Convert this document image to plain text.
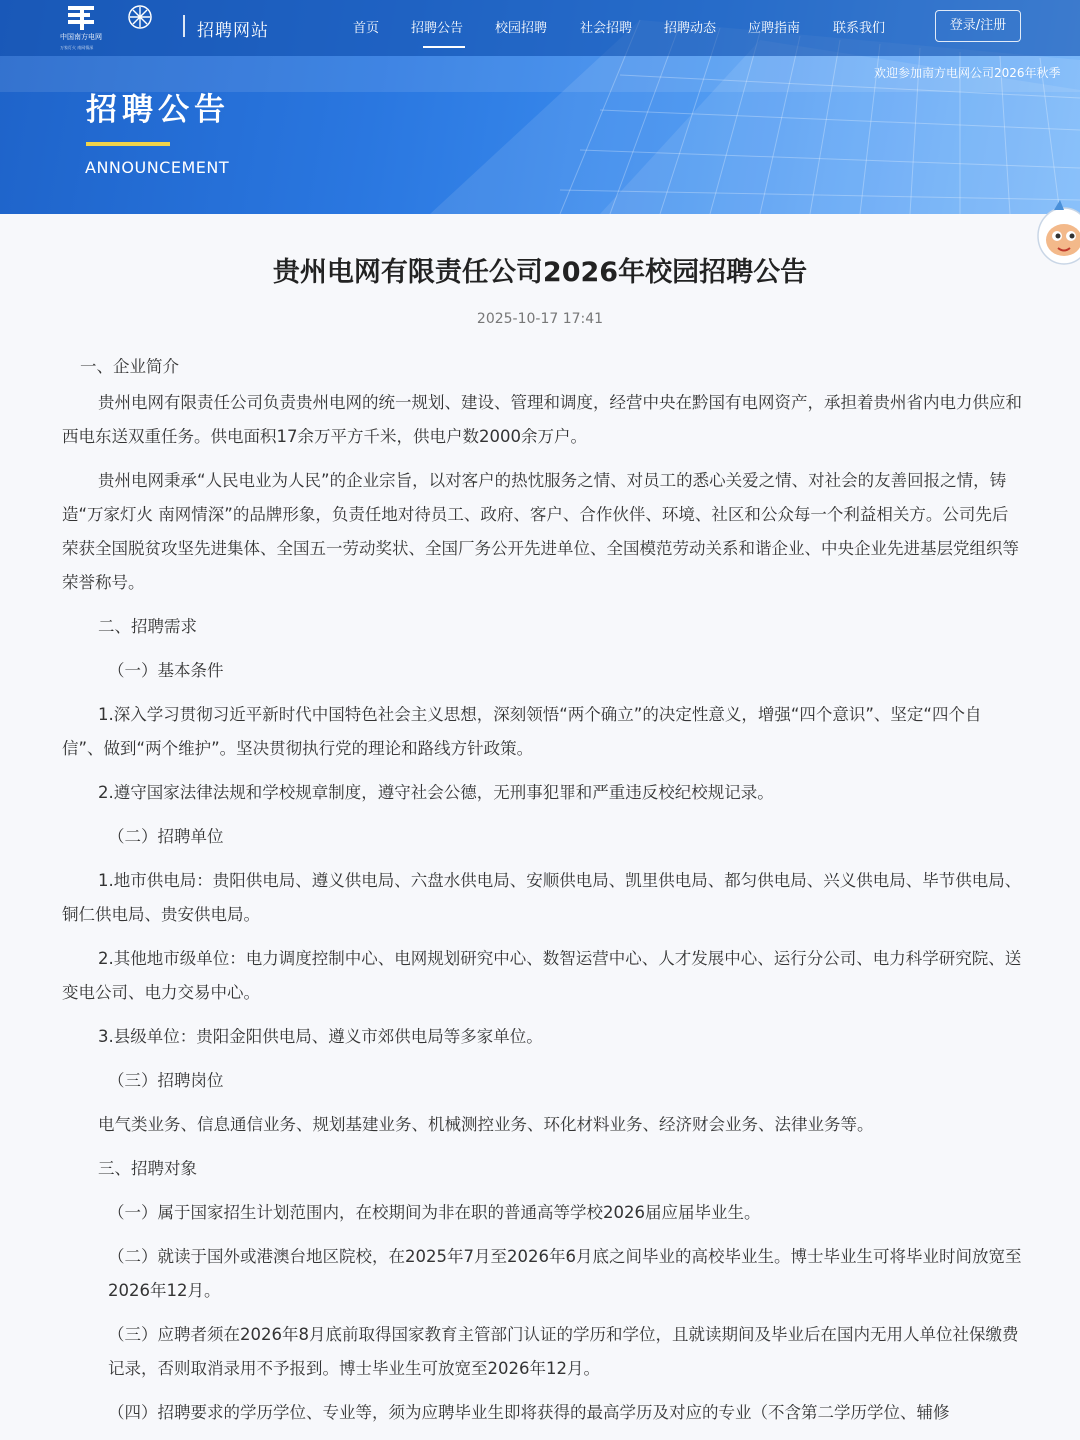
中国南方电网
万家灯火 南网情深
招聘网站	首页 招聘公告 校园招聘	社会招聘 招聘动态 应聘指南	联系我们	登录/注册
欢迎参加南方电网公司2026年秋季
招聘公告
ANNOUNCEMENT
贵州电网有限责任公司2026年校园招聘公告
2025-10-17 17:41

一、企业简介

贵州电网有限责任公司负责贵州电网的统一规划、建设、管理和调度，经营中央在黔国有电网资产，承担着贵州省内电力供应和西电东送双重任务。供电面积17余万平方千米，供电户数2000余万户。

贵州电网秉承“人民电业为人民”的企业宗旨，以对客户的热忱服务之情、对员工的悉心关爱之情、对社会的友善回报之情，铸造“万家灯火 南网情深”的品牌形象，负责任地对待员工、政府、客户、合作伙伴、环境、社区和公众每一个利益相关方。公司先后荣获全国脱贫攻坚先进集体、全国五一劳动奖状、全国厂务公开先进单位、全国模范劳动关系和谐企业、中央企业先进基层党组织等荣誉称号。

二、招聘需求

（一）基本条件

1.深入学习贯彻习近平新时代中国特色社会主义思想，深刻领悟“两个确立”的决定性意义，增强“四个意识”、坚定“四个自信”、做到“两个维护”。坚决贯彻执行党的理论和路线方针政策。

2.遵守国家法律法规和学校规章制度，遵守社会公德，无刑事犯罪和严重违反校纪校规记录。

（二）招聘单位

1.地市供电局：贵阳供电局、遵义供电局、六盘水供电局、安顺供电局、凯里供电局、都匀供电局、兴义供电局、毕节供电局、铜仁供电局、贵安供电局。

2.其他地市级单位：电力调度控制中心、电网规划研究中心、数智运营中心、人才发展中心、运行分公司、电力科学研究院、送变电公司、电力交易中心。

3.县级单位：贵阳金阳供电局、遵义市郊供电局等多家单位。

（三）招聘岗位

电气类业务、信息通信业务、规划基建业务、机械测控业务、环化材料业务、经济财会业务、法律业务等。

三、招聘对象

（一）属于国家招生计划范围内，在校期间为非在职的普通高等学校2026届应届毕业生。

（二）就读于国外或港澳台地区院校，在2025年7月至2026年6月底之间毕业的高校毕业生。博士毕业生可将毕业时间放宽至2026年12月。

（三）应聘者须在2026年8月底前取得国家教育主管部门认证的学历和学位，且就读期间及毕业后在国内无用人单位社保缴费记录，否则取消录用不予报到。博士毕业生可放宽至2026年12月。

（四）招聘要求的学历学位、专业等，须为应聘毕业生即将获得的最高学历及对应的专业（不含第二学历学位、辅修
